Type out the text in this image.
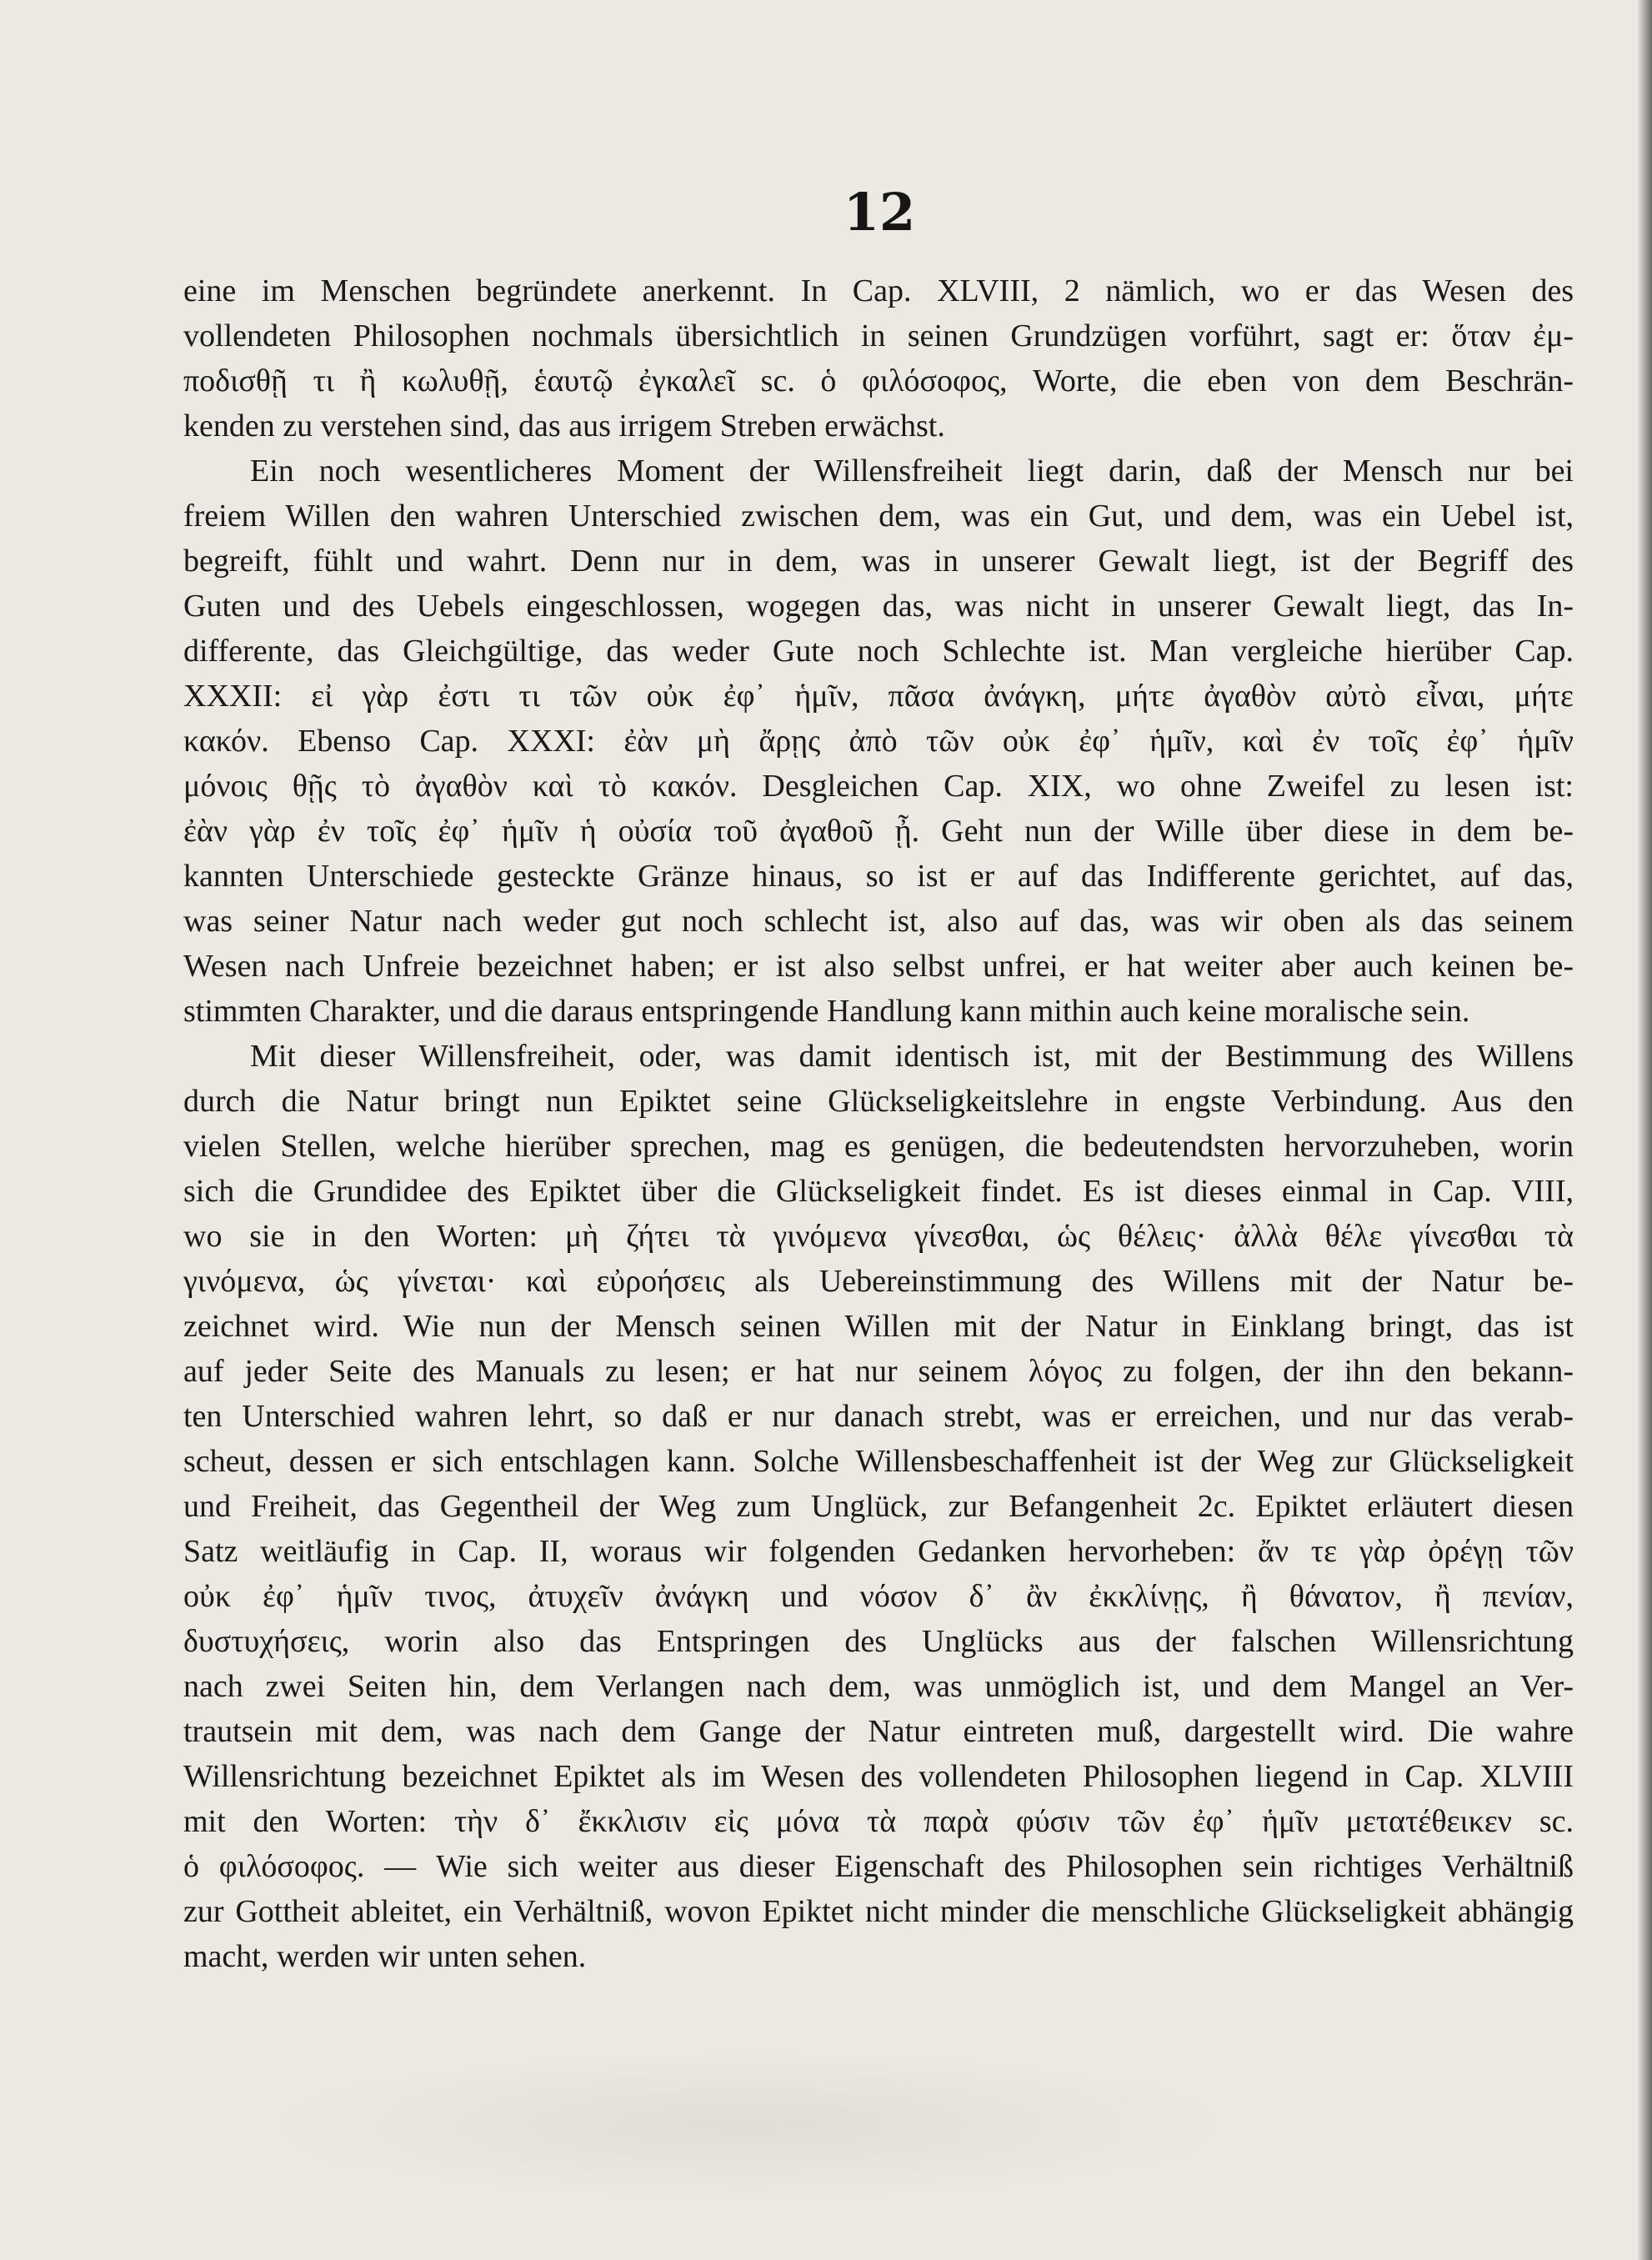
12
eine im Menschen begründete anerkennt. In Cap. XLVIII, 2 nämlich, wo er das Wesen des
vollendeten Philosophen nochmals übersichtlich in seinen Grundzügen vorführt, sagt er: ὅταν ἐμ-
ποδισθῇ τι ἢ κωλυθῇ, ἑαυτῷ ἐγκαλεῖ sc. ὁ φιλόσοφος, Worte, die eben von dem Beschrän-
kenden zu verstehen sind, das aus irrigem Streben erwächst.
Ein noch wesentlicheres Moment der Willensfreiheit liegt darin, daß der Mensch nur bei
freiem Willen den wahren Unterschied zwischen dem, was ein Gut, und dem, was ein Uebel ist,
begreift, fühlt und wahrt. Denn nur in dem, was in unserer Gewalt liegt, ist der Begriff des
Guten und des Uebels eingeschlossen, wogegen das, was nicht in unserer Gewalt liegt, das In-
differente, das Gleichgültige, das weder Gute noch Schlechte ist. Man vergleiche hierüber Cap.
XXXII: εἰ γὰρ ἐστι τι τῶν οὐκ ἐφ᾽ ἡμῖν, πᾶσα ἀνάγκη, μήτε ἀγαθὸν αὐτὸ εἶναι, μήτε
κακόν. Ebenso Cap. XXXI: ἐὰν μὴ ἄρῃς ἀπὸ τῶν οὐκ ἐφ᾽ ἡμῖν, καὶ ἐν τοῖς ἐφ᾽ ἡμῖν
μόνοις θῇς τὸ ἀγαθὸν καὶ τὸ κακόν. Desgleichen Cap. XIX, wo ohne Zweifel zu lesen ist:
ἐὰν γὰρ ἐν τοῖς ἐφ᾽ ἡμῖν ἡ οὐσία τοῦ ἀγαθοῦ ᾖ. Geht nun der Wille über diese in dem be-
kannten Unterschiede gesteckte Gränze hinaus, so ist er auf das Indifferente gerichtet, auf das,
was seiner Natur nach weder gut noch schlecht ist, also auf das, was wir oben als das seinem
Wesen nach Unfreie bezeichnet haben; er ist also selbst unfrei, er hat weiter aber auch keinen be-
stimmten Charakter, und die daraus entspringende Handlung kann mithin auch keine moralische sein.
Mit dieser Willensfreiheit, oder, was damit identisch ist, mit der Bestimmung des Willens
durch die Natur bringt nun Epiktet seine Glückseligkeitslehre in engste Verbindung. Aus den
vielen Stellen, welche hierüber sprechen, mag es genügen, die bedeutendsten hervorzuheben, worin
sich die Grundidee des Epiktet über die Glückseligkeit findet. Es ist dieses einmal in Cap. VIII,
wo sie in den Worten: μὴ ζήτει τὰ γινόμενα γίνεσθαι, ὡς θέλεις· ἀλλὰ θέλε γίνεσθαι τὰ
γινόμενα, ὡς γίνεται· καὶ εὐροήσεις als Uebereinstimmung des Willens mit der Natur be-
zeichnet wird. Wie nun der Mensch seinen Willen mit der Natur in Einklang bringt, das ist
auf jeder Seite des Manuals zu lesen; er hat nur seinem λόγος zu folgen, der ihn den bekann-
ten Unterschied wahren lehrt, so daß er nur danach strebt, was er erreichen, und nur das verab-
scheut, dessen er sich entschlagen kann. Solche Willensbeschaffenheit ist der Weg zur Glückseligkeit
und Freiheit, das Gegentheil der Weg zum Unglück, zur Befangenheit 2c. Epiktet erläutert diesen
Satz weitläufig in Cap. II, woraus wir folgenden Gedanken hervorheben: ἄν τε γὰρ ὀρέγῃ τῶν
οὐκ ἐφ᾽ ἡμῖν τινος, ἀτυχεῖν ἀνάγκη und νόσον δ᾽ ἂν ἐκκλίνῃς, ἢ θάνατον, ἢ πενίαν,
δυστυχήσεις, worin also das Entspringen des Unglücks aus der falschen Willensrichtung
nach zwei Seiten hin, dem Verlangen nach dem, was unmöglich ist, und dem Mangel an Ver-
trautsein mit dem, was nach dem Gange der Natur eintreten muß, dargestellt wird. Die wahre
Willensrichtung bezeichnet Epiktet als im Wesen des vollendeten Philosophen liegend in Cap. XLVIII
mit den Worten: τὴν δ᾽ ἔκκλισιν εἰς μόνα τὰ παρὰ φύσιν τῶν ἐφ᾽ ἡμῖν μετατέθεικεν sc.
ὁ φιλόσοφος. — Wie sich weiter aus dieser Eigenschaft des Philosophen sein richtiges Verhältniß
zur Gottheit ableitet, ein Verhältniß, wovon Epiktet nicht minder die menschliche Glückseligkeit abhängig
macht, werden wir unten sehen.
